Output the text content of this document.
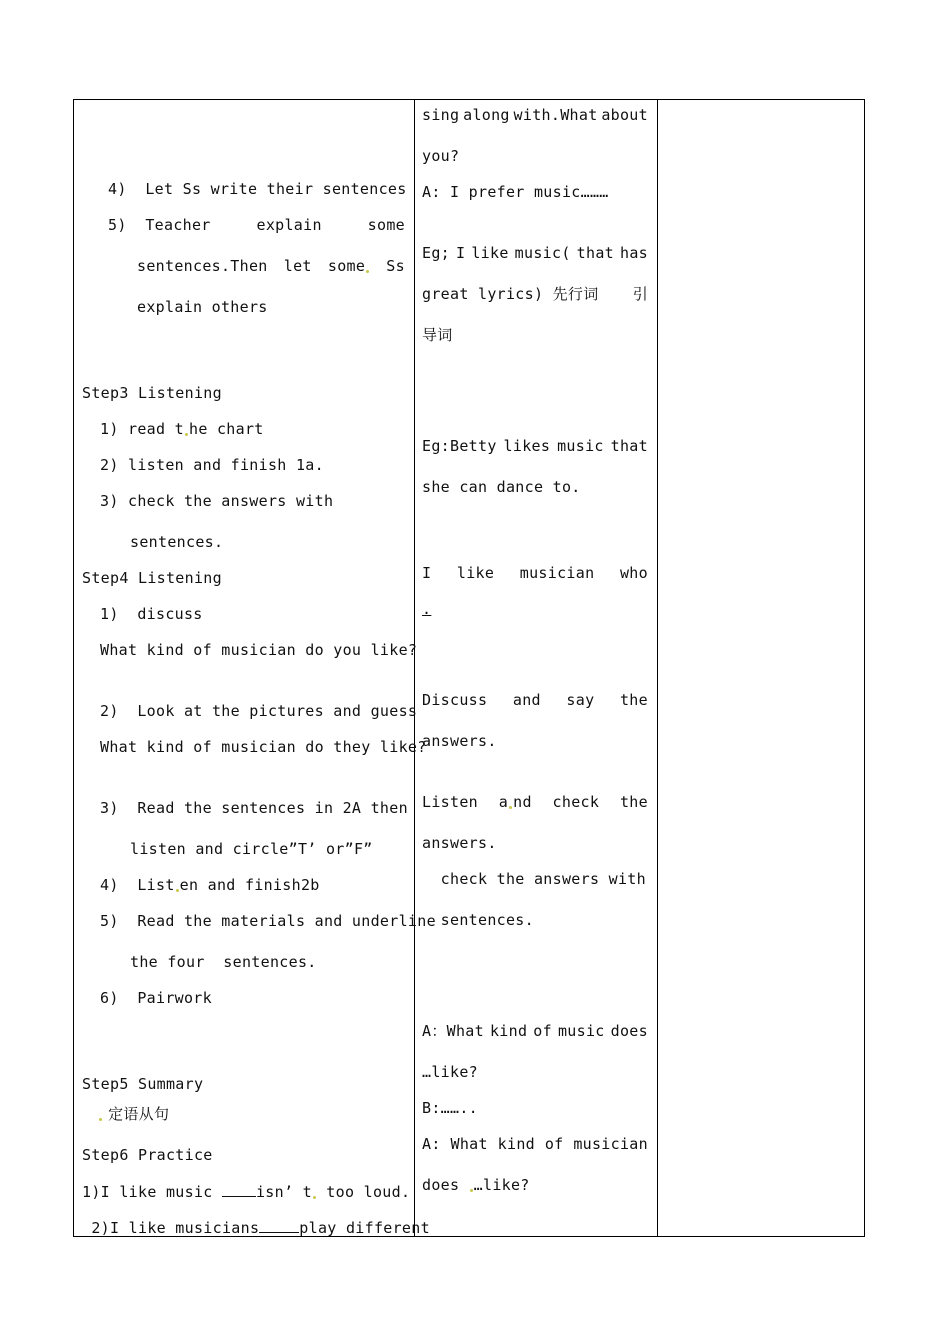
4)  Let Ss write their sentences
5)  Teacher	explain	some
sentences.Then let some	Ss
explain others
Step3 Listening
1) read t he chart
2) listen and finish 1a.
3) check the answers with
sentences.
Step4 Listening
1)  discuss
What kind of musician do you like?
2)  Look at the pictures and guess
What kind of musician do they like?
3)  Read the sentences in 2A then
listen and circle”T’ or”F”
4)  List en and finish2b
5)  Read the materials and underline
the four  sentences.
6)  Pairwork
Step5 Summary
定语从句
Step6 Practice
1)I like music isn’ t too loud.
2)I like musicians	play different
sing along with.What about
you?
A: I prefer music………
Eg; I like music( that has
great lyrics) 先行词 引
导词
Eg:Betty likes music that
she can dance to.
I like musician who
.
Discuss and say the
answers.
Listen a nd check the
answers.
check the answers with
sentences.
A：What kind of music does
…like?
B:……..
A: What kind of musician
does …like?
